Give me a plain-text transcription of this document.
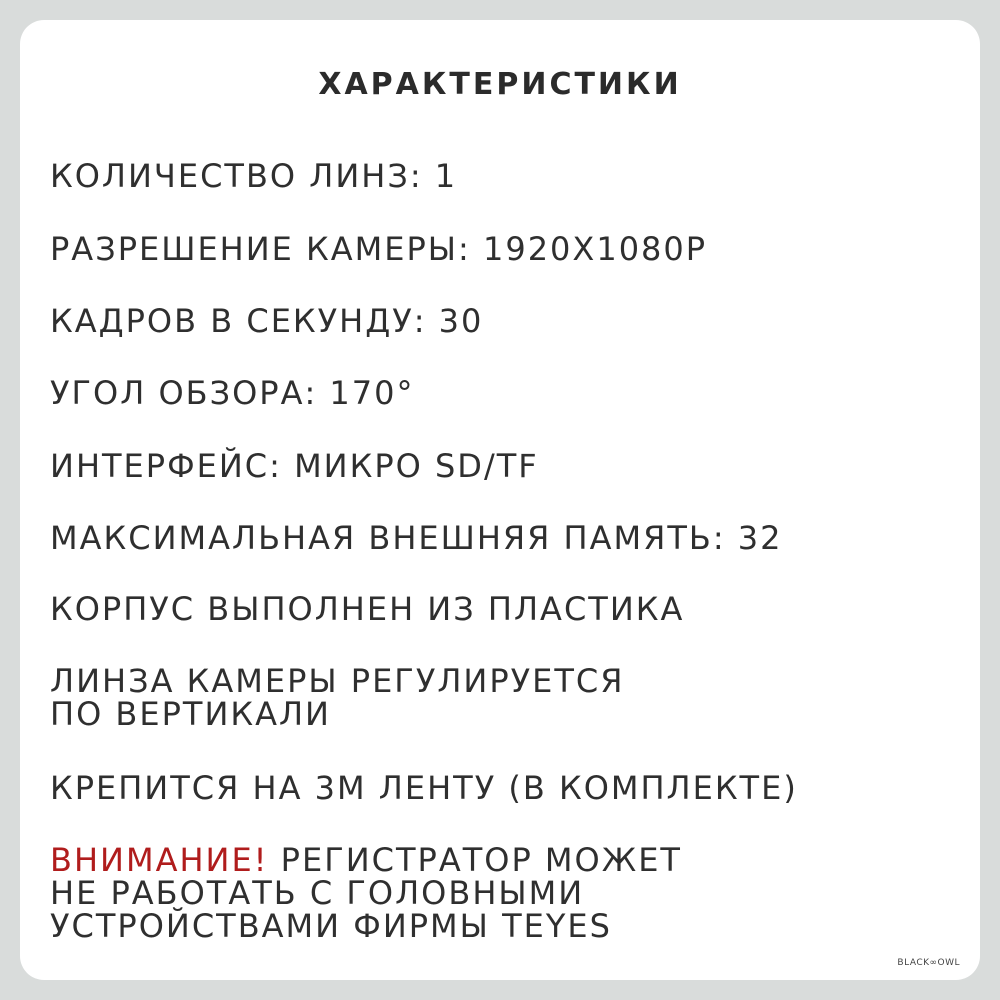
ХАРАКТЕРИСТИКИ
КОЛИЧЕСТВО ЛИНЗ: 1
РАЗРЕШЕНИЕ КАМЕРЫ: 1920X1080P
КАДРОВ В СЕКУНДУ: 30
УГОЛ ОБЗОРА: 170°
ИНТЕРФЕЙС: МИКРО SD/TF
МАКСИМАЛЬНАЯ ВНЕШНЯЯ ПАМЯТЬ: 32
КОРПУС ВЫПОЛНЕН ИЗ ПЛАСТИКА
ЛИНЗА КАМЕРЫ РЕГУЛИРУЕТСЯ
ПО ВЕРТИКАЛИ
КРЕПИТСЯ НА 3М ЛЕНТУ (В КОМПЛЕКТЕ)
ВНИМАНИЕ! РЕГИСТРАТОР МОЖЕТ
НЕ РАБОТАТЬ С ГОЛОВНЫМИ
УСТРОЙСТВАМИ ФИРМЫ TEYES
BLACK∞OWL
